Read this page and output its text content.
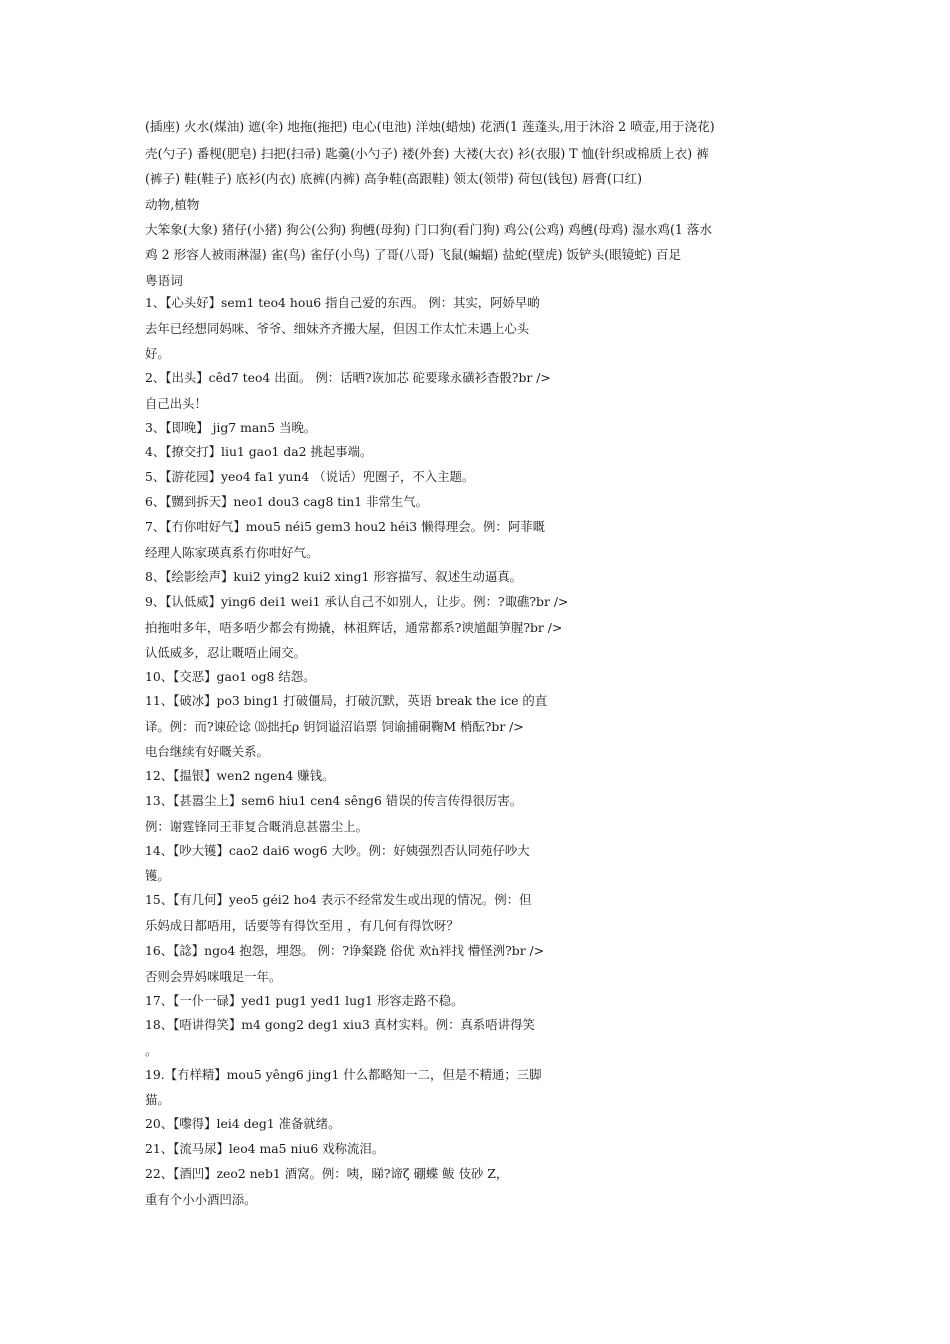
(插座) 火水(煤油) 遮(伞) 地拖(拖把) 电心(电池) 洋烛(蜡烛) 花洒(1 莲蓬头,用于沐浴 2 喷壶,用于浇花)
壳(勺子) 番枧(肥皂) 扫把(扫帚) 匙羹(小勺子) 褛(外套) 大褛(大衣) 衫(衣服) T 恤(针织或棉质上衣) 裤
(裤子) 鞋(鞋子) 底衫(内衣) 底裤(内裤) 高争鞋(高跟鞋) 领太(领带) 荷包(钱包) 唇膏(口红)
动物,植物
大笨象(大象) 猪仔(小猪) 狗公(公狗) 狗乸(母狗) 门口狗(看门狗) 鸡公(公鸡) 鸡乸(母鸡) 湿水鸡(1 落水
鸡 2 形容人被雨淋湿) 雀(鸟) 雀仔(小鸟) 了哥(八哥) 飞鼠(蝙蝠) 盐蛇(壁虎) 饭铲头(眼镜蛇) 百足
粤语词
1、【心头好】sem1 teo4 hou6 指自己爱的东西。 例：其实，阿娇早啲
去年已经想同妈咪、爷爷、细妹齐齐搬大屋，但因工作太忙未遇上心头
好。
2、【出头】cêd7 teo4 出面。 例：话晒?诙加芯 砣要瑑永磺衫杳骰?br />
自己出头！
3、【即晚】 jig7 man5 当晚。
4、【撩交打】liu1 gao1 da2 挑起事端。
5、【游花园】yeo4 fa1 yun4 （说话）兜圈子，不入主题。
6、【嬲到拆天】neo1 dou3 cag8 tin1 非常生气。
7、【冇你咁好气】mou5 néi5 gem3 hou2 héi3 懒得理会。例：阿菲嘅
经理人陈家瑛真系冇你咁好气。
8、【绘影绘声】kui2 ying2 kui2 xing1 形容描写、叙述生动逼真。
9、【认低威】ying6 dei1 wei1 承认自己不如别人，让步。例：?诹礁?br />
拍拖咁多年，唔多唔少都会有拗撬，林祖辉话，通常都系?谀馗龃笋腥?br />
认低威多，忍让嘅唔止闹交。
10、【交恶】gao1 og8 结怨。
11、【破冰】po3 bing1 打破僵局，打破沉默，英语 break the ice 的直
译。例：而?谏砼谂 ⒅拙托ρ 钥饲谥沼谄票 饲谕捕硐鞠M 梢酝?br />
电台继续有好嘅关系。
12、【揾银】wen2 ngen4 赚钱。
13、【甚嚣尘上】sem6 hiu1 cen4 sêng6 错误的传言传得很厉害。
例：谢霆锋同王菲复合嘅消息甚嚣尘上。
14、【吵大镬】cao2 dai6 wog6 大吵。例：好姨强烈否认同苑仔吵大
镬。
15、【有几何】yeo5 géi2 ho4 表示不经常发生或出现的情况。例：但
乐妈成日都唔用，话要等有得饮至用 ，有几何有得饮呀？
16、【諗】ngo4 抱怨，埋怨。 例：?诤粲跷 俗优 欢ǹ袢找 懵怪洌?br />
否则会畀妈咪哦足一年。
17、【一仆一碌】yed1 pug1 yed1 lug1 形容走路不稳。
18、【唔讲得笑】m4 gong2 deg1 xiu3 真材实料。例：真系唔讲得笑
。
19.【冇样精】mou5 yêng6 jing1 什么都略知一二，但是不精通；三脚
猫。
20、【嚟得】lei4 deg1 准备就绪。
21、【流马尿】leo4 ma5 niu6 戏称流泪。
22、【酒凹】zeo2 neb1 酒窝。例：咦，睇?谛ζ 硼蝶 鲅 伎砂 Z，
重有个小小酒凹添。
